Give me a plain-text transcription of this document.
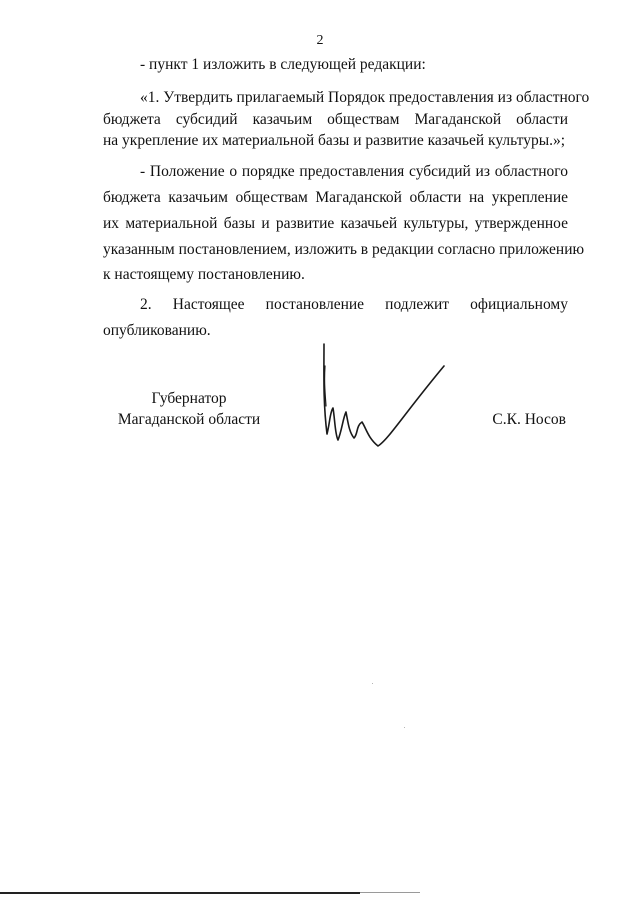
2
- пункт 1 изложить в следующей редакции:
«1. Утвердить прилагаемый Порядок предоставления из областного
бюджета субсидий казачьим обществам Магаданской области
на укрепление их материальной базы и развитие казачьей культуры.»;
- Положение о порядке предоставления субсидий из областного
бюджета казачьим обществам Магаданской области на укрепление
их материальной базы и развитие казачьей культуры, утвержденное
указанным постановлением, изложить в редакции согласно приложению
к настоящему постановлению.
2. Настоящее постановление подлежит официальному
опубликованию.
Губернатор
Магаданской области	С.К. Носов
